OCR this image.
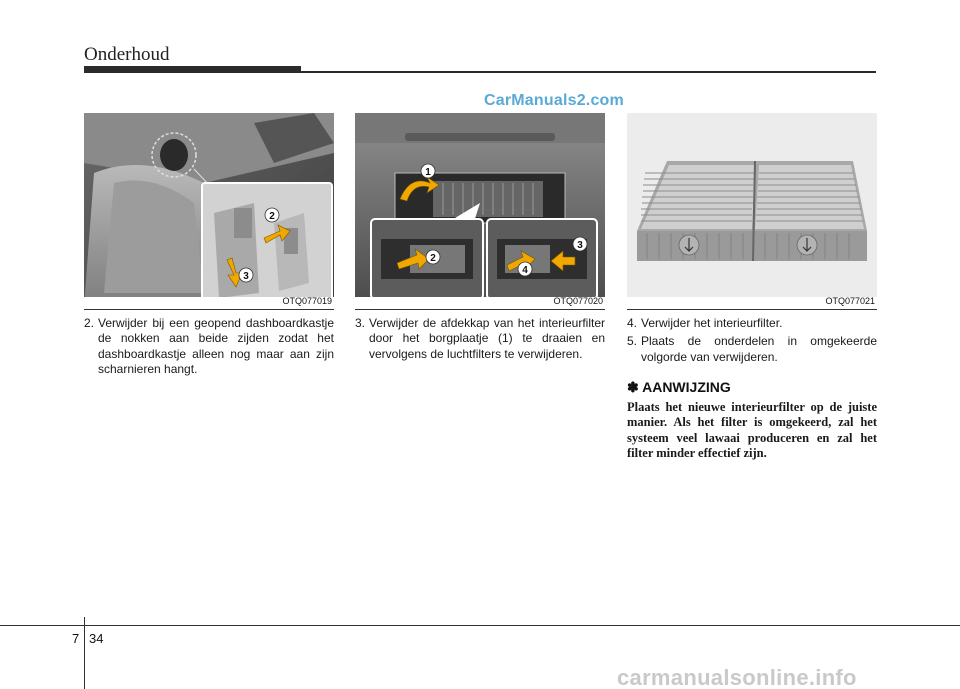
Onderhoud
CarManuals2.com
2
3
OTQ077019
1
2
3
4
OTQ077020	OTQ077021
2. Verwijder bij een geopend dashboardkastje de nokken aan beide zijden zodat het dashboardkastje alleen nog maar aan zijn scharnieren hangt.
3. Verwijder de afdekkap van het interieurfilter door het borgplaatje (1) te draaien en vervolgens de luchtfilters te verwijderen.
4. Verwijder het interieurfilter.
5. Plaats de onderdelen in omgekeerde volgorde van verwijderen.
✽ AANWIJZING
Plaats het nieuwe interieurfilter op de juiste manier. Als het filter is omgekeerd, zal het systeem veel lawaai produceren en zal het filter minder effectief zijn.
7 34
carmanualsonline.info
